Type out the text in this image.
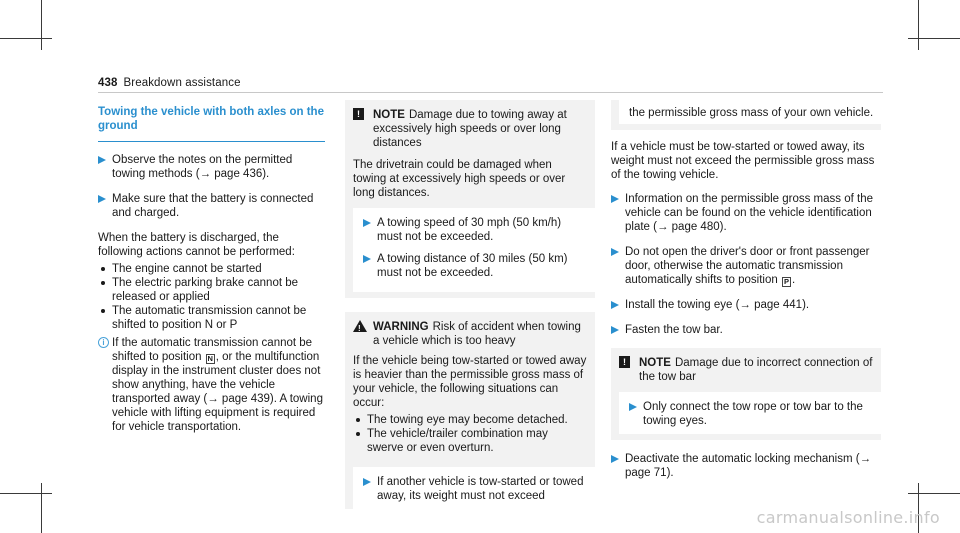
438 Breakdown assistance
Towing the vehicle with both axles on the ground
Observe the notes on the permitted towing methods (→ page 436).
Make sure that the battery is connected and charged.

When the battery is discharged, the following actions cannot be performed:

The engine cannot be started
The electric parking brake cannot be released or applied
The automatic transmission cannot be shifted to position N or P
i If the automatic transmission cannot be shifted to position N , or the multifunction display in the instrument cluster does not show anything, have the vehicle transported away (→ page 439). A towing vehicle with lifting equipment is required for vehicle transportation.
!	NOTE Damage due to towing away at excessively high speeds or over long distances

The drivetrain could be damaged when towing at excessively high speeds or over long distances.

A towing speed of 30 mph (50 km/h) must not be exceeded.
A towing distance of 30 miles (50 km) must not be exceeded.
! WARNING Risk of accident when towing a vehicle which is too heavy

If the vehicle being tow-started or towed away is heavier than the permissible gross mass of your vehicle, the following situations can occur:

The towing eye may become detached.
The vehicle/trailer combination may swerve or even overturn.
If another vehicle is tow-started or towed away, its weight must not exceed

the permissible gross mass of your own vehicle.

If a vehicle must be tow-started or towed away, its weight must not exceed the permissible gross mass of the towing vehicle.

Information on the permissible gross mass of the vehicle can be found on the vehicle identification plate (→ page 480).
Do not open the driver's door or front passenger door, otherwise the automatic transmission automatically shifts to position P .
Install the towing eye (→ page 441).
Fasten the tow bar.
!	NOTE Damage due to incorrect connection of the tow bar
Only connect the tow rope or tow bar to the towing eyes.
Deactivate the automatic locking mechanism (→ page 71).
carmanualsonline.info
